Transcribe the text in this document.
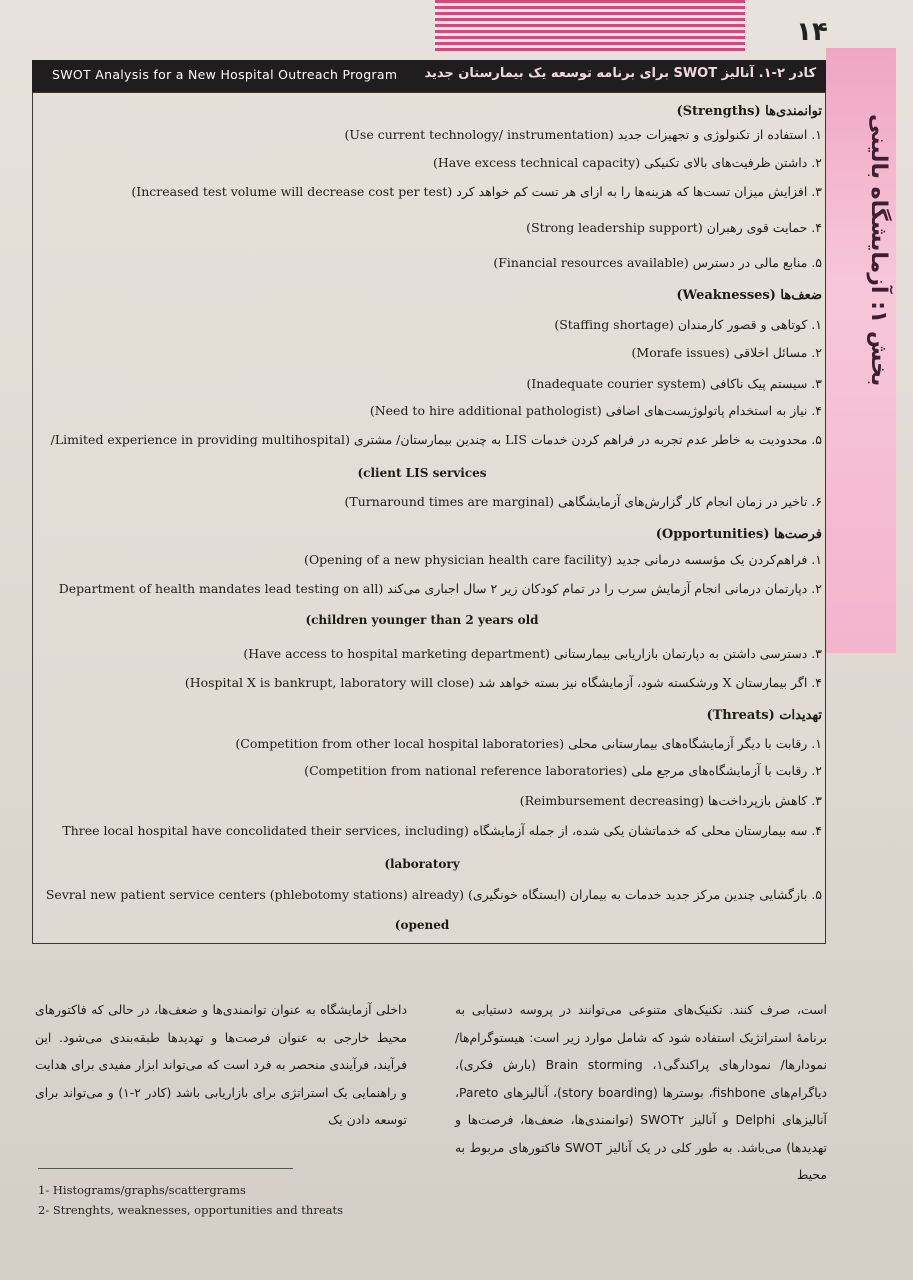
۱۴
بخش ۱: آزمایشگاه بالینی
SWOT Analysis for a New Hospital Outreach Program کادر ۲-۱. آنالیز SWOT برای برنامه توسعه یک بیمارستان جدید
توانمندی‌ها (Strengths)
۱. استفاده از تکنولوژی و تجهیزات جدید (Use current technology/ instrumentation)
۲. داشتن ظرفیت‌های بالای تکنیکی (Have excess technical capacity)
۳. افزایش میزان تست‌ها که هزینه‌ها را به ازای هر تست کم خواهد کرد (Increased test volume will decrease cost per test)
۴. حمایت قوی رهبران (Strong leadership support)
۵. منابع مالی در دسترس (Financial resources available)
ضعف‌ها (Weaknesses)
۱. کوتاهی و قصور کارمندان (Staffing shortage)
۲. مسائل اخلاقی (Morafe issues)
۳. سیستم پیک ناکافی (Inadequate courier system)
۴. نیاز به استخدام پاتولوژیست‌های اضافی (Need to hire additional pathologist)
۵. محدودیت به خاطر عدم تجربه در فراهم کردن خدمات LIS به چندین بیمارستان/ مشتری (Limited experience in providing multihospital/
client LIS services)
۶. تاخیر در زمان انجام کار گزارش‌های آزمایشگاهی (Turnaround times are marginal)
فرصت‌ها (Opportunities)
۱. فراهم‌کردن یک مؤسسه درمانی جدید (Opening of a new physician health care facility)
۲. دپارتمان درمانی انجام آزمایش سرب را در تمام کودکان زیر ۲ سال اجباری می‌کند (Department of health mandates lead testing on all
children younger than 2 years old)
۳. دسترسی داشتن به دپارتمان بازاریابی بیمارستانی (Have access to hospital marketing department)
۴. اگر بیمارستان X ورشکسته شود، آزمایشگاه نیز بسته خواهد شد (Hospital X is bankrupt, laboratory will close)
تهدیدات (Threats)
۱. رقابت با دیگر آزمایشگاه‌های بیمارستانی محلی (Competition from other local hospital laboratories)
۲. رقابت با آزمایشگاه‌های مرجع ملی (Competition from national reference laboratories)
۳. کاهش بازپرداخت‌ها (Reimbursement decreasing)
۴. سه بیمارستان محلی که خدماتشان یکی شده، از جمله آزمایشگاه (Three local hospital have concolidated their services, including
laboratory)
۵. بازگشایی چندین مرکز جدید خدمات به بیماران (ایستگاه خونگیری) (Sevral new patient service centers (phlebotomy stations) already
opened)

است، صرف کنند. تکنیک‌های متنوعی می‌توانند در پروسه دستیابی به برنامهٔ استراتژیک استفاده شود که شامل موارد زیر است: هیستوگرام‌ها/ نمودارها/ نمودارهای پراکندگی۱، Brain storming (بارش فکری)، دیاگرام‌های fishbone، بوسترها (story boarding)، آنالیزهای Pareto، آنالیزهای Delphi و آنالیز SWOT۲ (توانمندی‌ها، ضعف‌ها، فرصت‌ها و تهدیدها) می‌باشد. به طور کلی در یک آنالیز SWOT فاکتورهای مربوط به محیط

داخلی آزمایشگاه به عنوان توانمندی‌ها و ضعف‌ها، در حالی که فاکتورهای محیط خارجی به عنوان فرصت‌ها و تهدیدها طبقه‌بندی می‌شود. این فرآیند، فرآیندی منحصر به فرد است که می‌تواند ابزار مفیدی برای هدایت و راهنمایی یک استراتژی برای بازاریابی باشد (کادر ۲-۱) و می‌تواند برای توسعه دادن یک

1- Histograms/graphs/scattergrams
2- Strenghts, weaknesses, opportunities and threats
